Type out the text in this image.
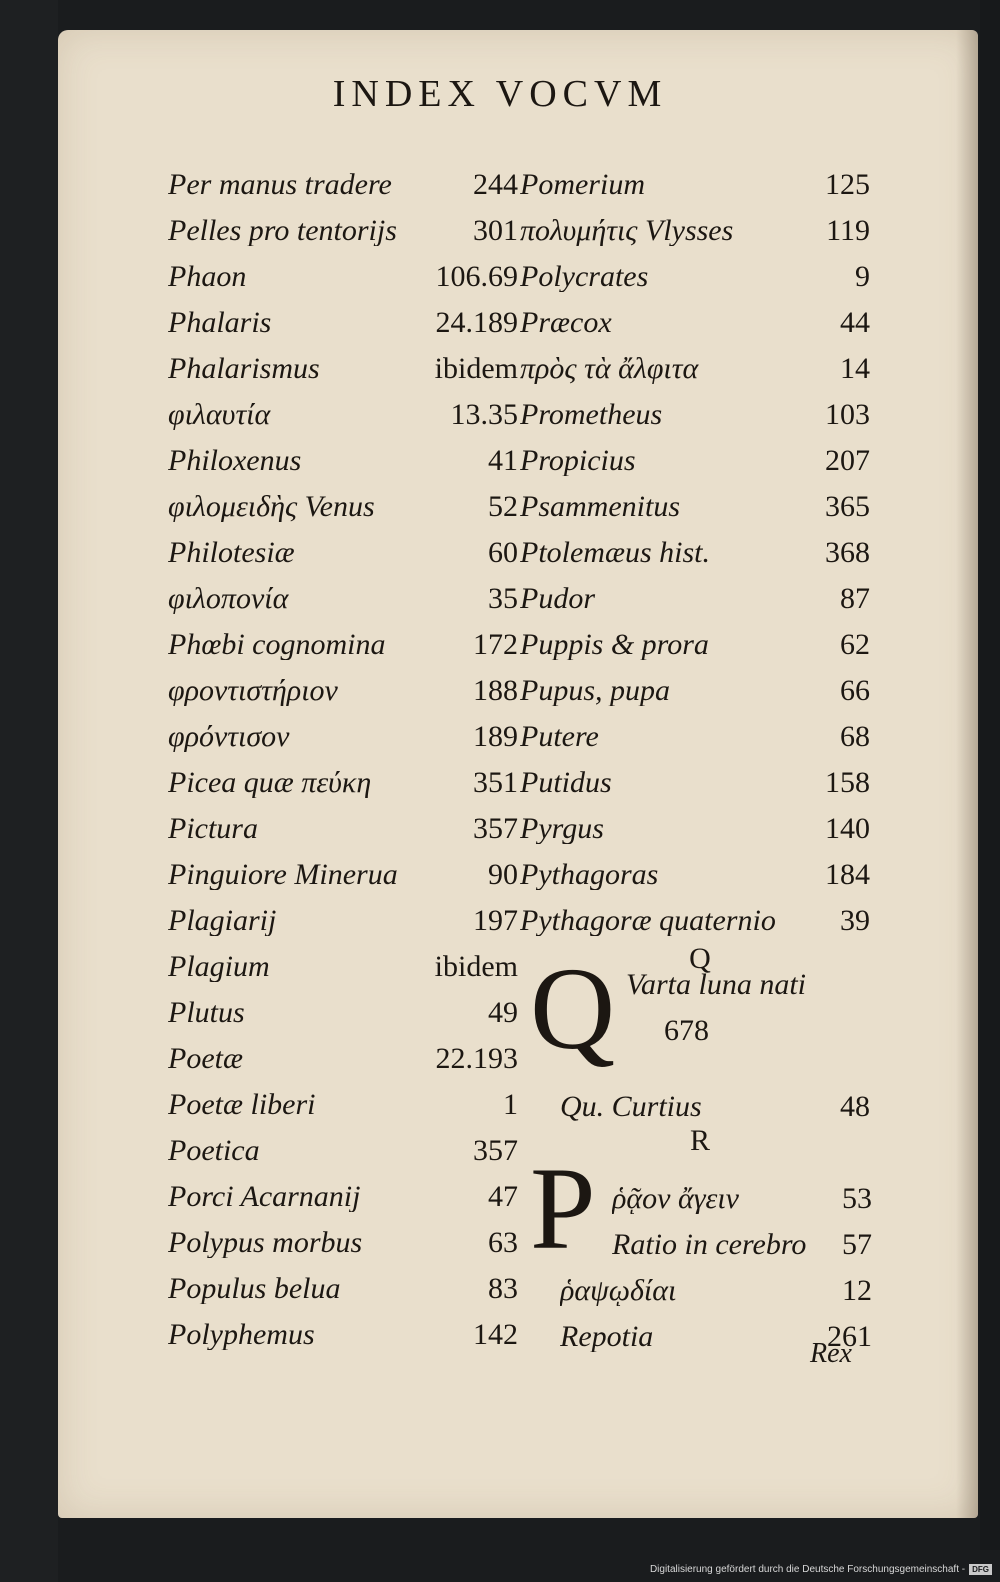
INDEX VOCVM
Per manus tradere	244
Pelles pro tentorijs	301
Phaon	106.69
Phalaris	24.189
Phalarismus	ibidem
φιλαυτία	13.35
Philoxenus	41
φιλομειδὴς Venus	52
Philotesiæ	60
φιλοπονία	35
Phœbi cognomina	172
φροντιστήριον	188
φρόντισον	189
Picea quæ πεύκη	351
Pictura	357
Pinguiore Minerua	90
Plagiarij	197
Plagium	ibidem
Plutus	49
Poetæ	22.193
Poetæ liberi	1
Poetica	357
Porci Acarnanij	47
Polypus morbus	63
Populus belua	83
Polyphemus	142
Pomerium	125
πολυμήτις Vlysses	119
Polycrates	9
Præcox	44
πρὸς τὰ ἄλφιτα	14
Prometheus	103
Propicius	207
Psammenitus	365
Ptolemæus hist.	368
Pudor	87
Puppis & prora	62
Pupus, pupa	66
Putere	68
Putidus	158
Pyrgus	140
Pythagoras	184
Pythagoræ quaternio	39
Q
Q Varta luna nati
678
Qu. Curtius	48
R
P ῥᾷον ἄγειν	53
Ratio in cerebro	57
ῥαψῳδίαι	12
Repotia	261
Rex
Digitalisierung gefördert durch die Deutsche Forschungsgemeinschaft - DFG
